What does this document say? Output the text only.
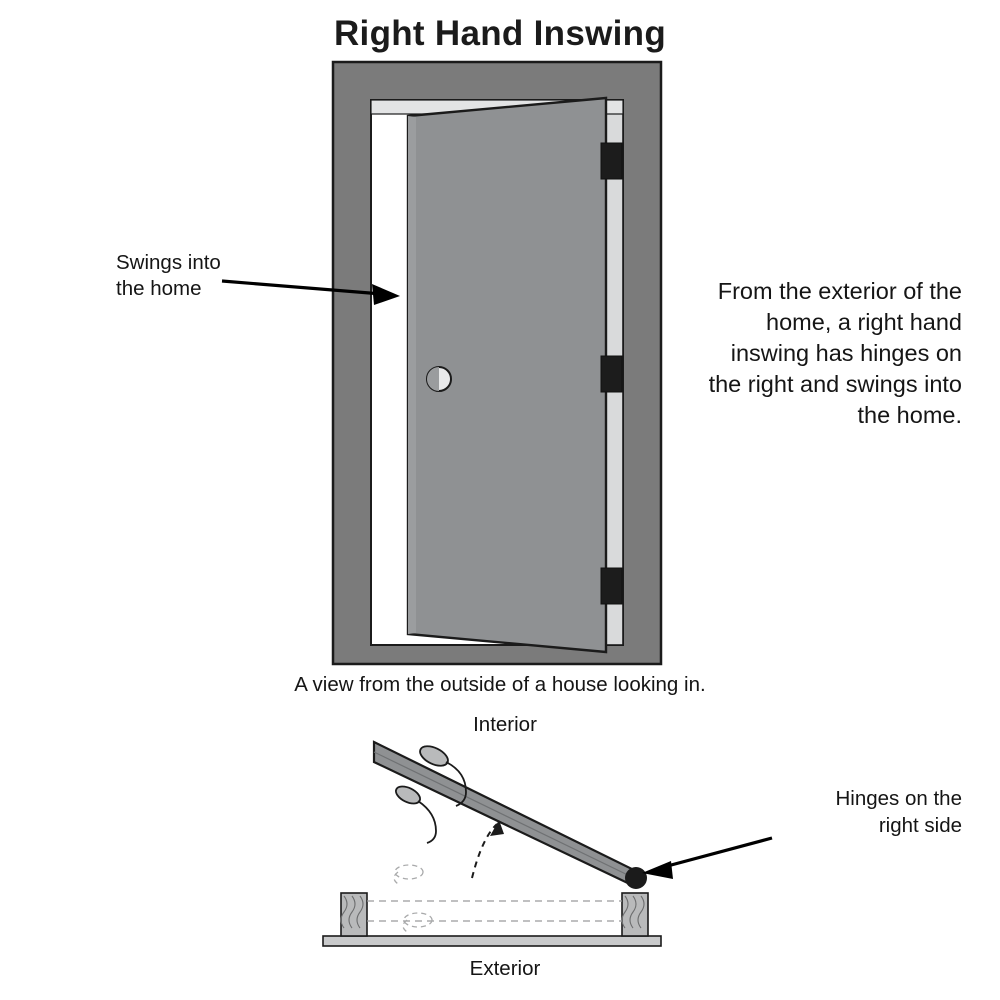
Right Hand Inswing
Swings into
the home	From the exterior of the home, a right hand inswing has hinges on the right and swings into the home.
A view from the outside of a house looking in.
Interior
Exterior
Hinges on the
right side
